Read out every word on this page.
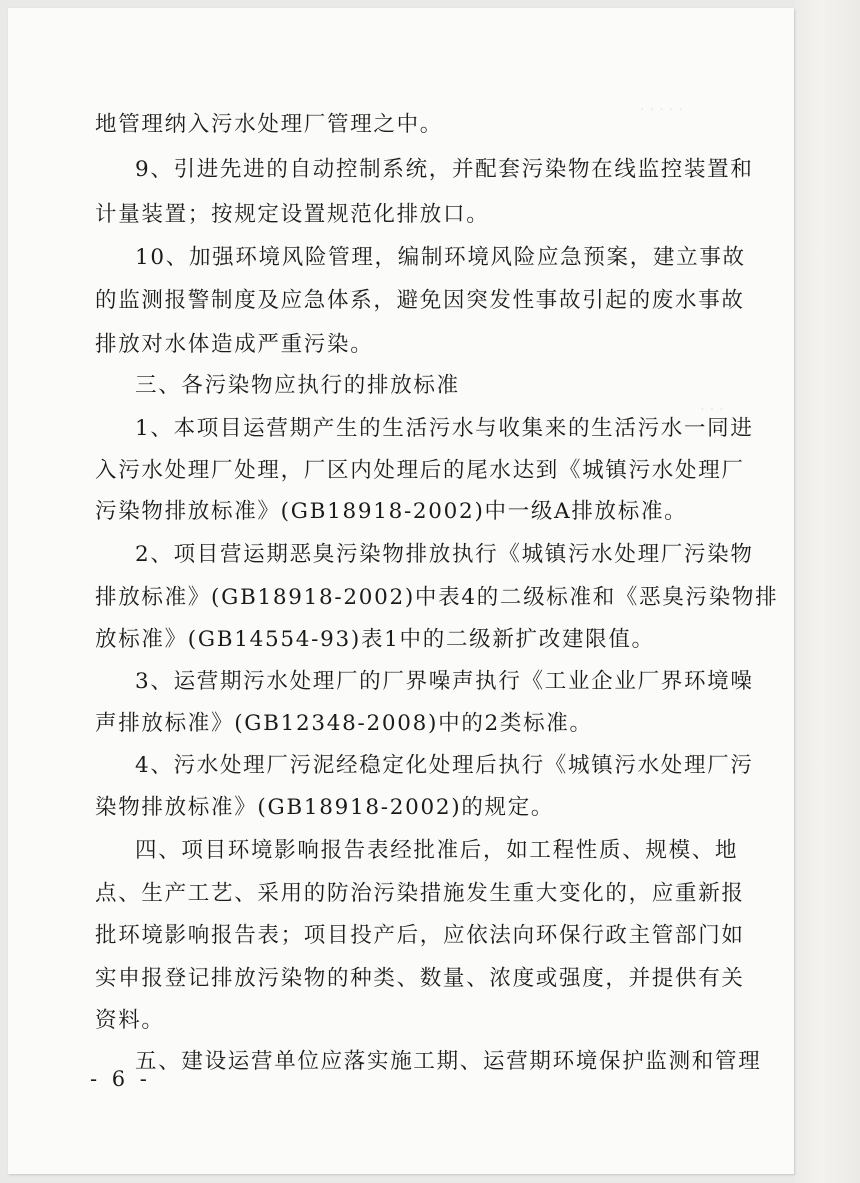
· · · · ·
· · ·
地管理纳入污水处理厂管理之中。
9、引进先进的自动控制系统，并配套污染物在线监控装置和
计量装置；按规定设置规范化排放口。
10、加强环境风险管理，编制环境风险应急预案，建立事故
的监测报警制度及应急体系，避免因突发性事故引起的废水事故
排放对水体造成严重污染。
三、各污染物应执行的排放标准
1、本项目运营期产生的生活污水与收集来的生活污水一同进
入污水处理厂处理，厂区内处理后的尾水达到《城镇污水处理厂
污染物排放标准》(GB18918-2002)中一级A排放标准。
2、项目营运期恶臭污染物排放执行《城镇污水处理厂污染物
排放标准》(GB18918-2002)中表4的二级标准和《恶臭污染物排
放标准》(GB14554-93)表1中的二级新扩改建限值。
3、运营期污水处理厂的厂界噪声执行《工业企业厂界环境噪
声排放标准》(GB12348-2008)中的2类标准。
4、污水处理厂污泥经稳定化处理后执行《城镇污水处理厂污
染物排放标准》(GB18918-2002)的规定。
四、项目环境影响报告表经批准后，如工程性质、规模、地
点、生产工艺、采用的防治污染措施发生重大变化的，应重新报
批环境影响报告表；项目投产后，应依法向环保行政主管部门如
实申报登记排放污染物的种类、数量、浓度或强度，并提供有关
资料。
五、建设运营单位应落实施工期、运营期环境保护监测和管理
- 6 -
